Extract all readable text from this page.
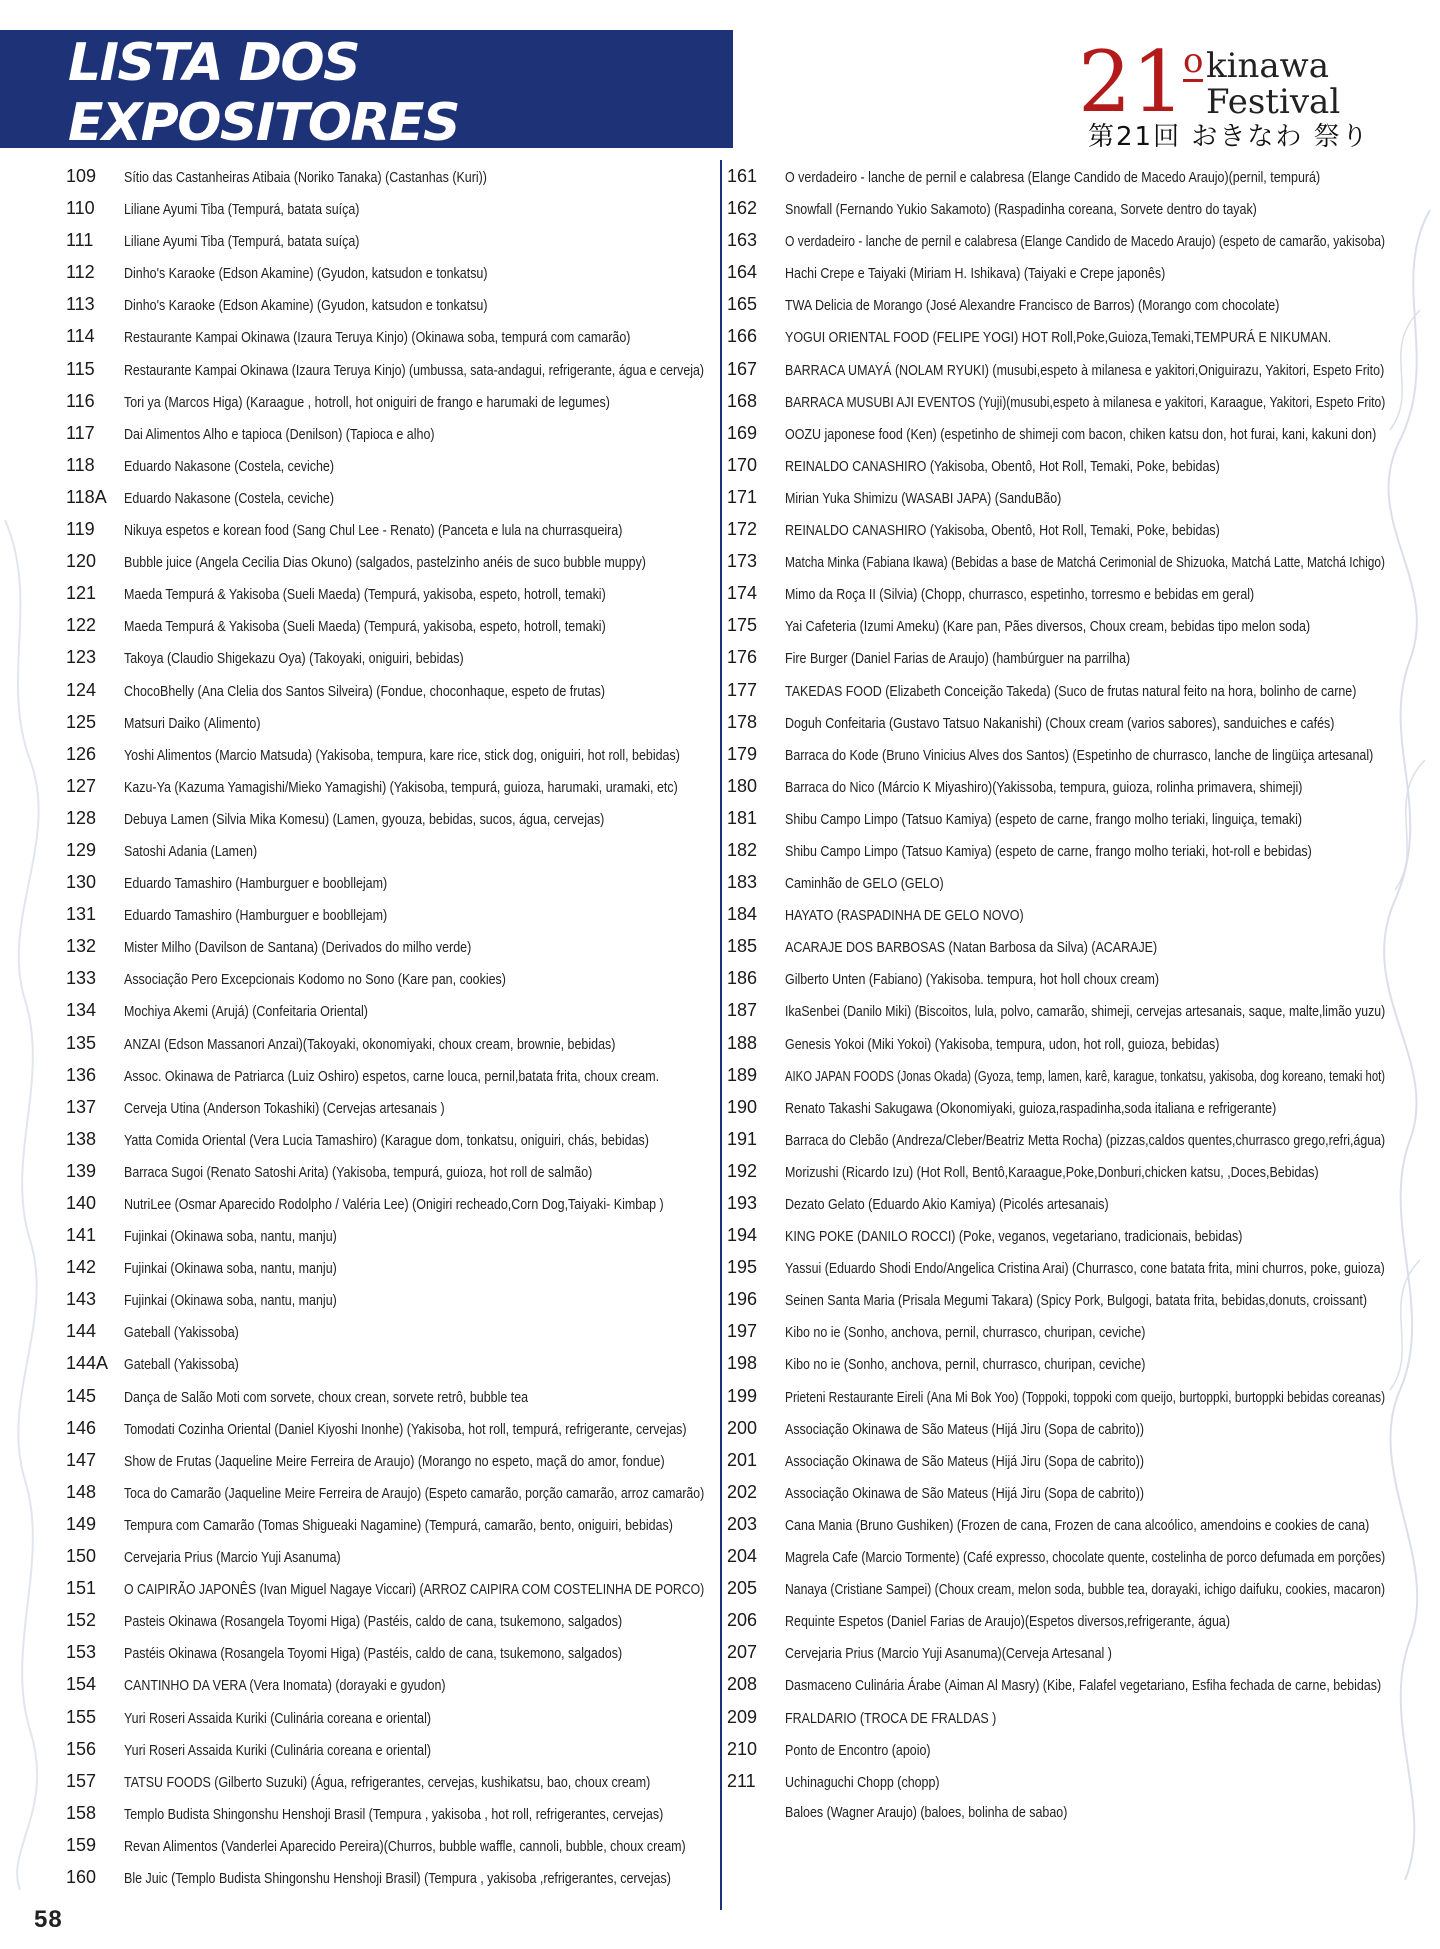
LISTA DOS EXPOSITORES	21
o kinawa
Festival
第21回 おきなわ 祭り
109 Sítio das Castanheiras Atibaia (Noriko Tanaka) (Castanhas (Kuri))
110 Liliane Ayumi Tiba (Tempurá, batata suíça)
111 Liliane Ayumi Tiba (Tempurá, batata suíça)
112 Dinho's Karaoke (Edson Akamine) (Gyudon, katsudon e tonkatsu)
113 Dinho's Karaoke (Edson Akamine) (Gyudon, katsudon e tonkatsu)
114 Restaurante Kampai Okinawa (Izaura Teruya Kinjo) (Okinawa soba, tempurá com camarão)
115 Restaurante Kampai Okinawa (Izaura Teruya Kinjo) (umbussa, sata-andagui, refrigerante, água e cerveja)
116 Tori ya (Marcos Higa) (Karaague , hotroll, hot oniguiri de frango e harumaki de legumes)
117 Dai Alimentos Alho e tapioca (Denilson) (Tapioca e alho)
118 Eduardo Nakasone (Costela, ceviche)
118A Eduardo Nakasone (Costela, ceviche)
119 Nikuya espetos e korean food (Sang Chul Lee - Renato) (Panceta e lula na churrasqueira)
120 Bubble juice (Angela Cecilia Dias Okuno) (salgados, pastelzinho anéis de suco bubble muppy)
121 Maeda Tempurá & Yakisoba (Sueli Maeda) (Tempurá, yakisoba, espeto, hotroll, temaki)
122 Maeda Tempurá & Yakisoba (Sueli Maeda) (Tempurá, yakisoba, espeto, hotroll, temaki)
123 Takoya (Claudio Shigekazu Oya) (Takoyaki, oniguiri, bebidas)
124 ChocoBhelly (Ana Clelia dos Santos Silveira) (Fondue, choconhaque, espeto de frutas)
125 Matsuri Daiko (Alimento)
126 Yoshi Alimentos (Marcio Matsuda) (Yakisoba, tempura, kare rice, stick dog, oniguiri, hot roll, bebidas)
127 Kazu-Ya (Kazuma Yamagishi/Mieko Yamagishi) (Yakisoba, tempurá, guioza, harumaki, uramaki, etc)
128 Debuya Lamen (Silvia Mika Komesu) (Lamen, gyouza, bebidas, sucos, água, cervejas)
129 Satoshi Adania (Lamen)
130 Eduardo Tamashiro (Hamburguer e boobllejam)
131 Eduardo Tamashiro (Hamburguer e boobllejam)
132 Mister Milho (Davilson de Santana) (Derivados do milho verde)
133 Associação Pero Excepcionais Kodomo no Sono (Kare pan, cookies)
134 Mochiya Akemi (Arujá) (Confeitaria Oriental)
135 ANZAI (Edson Massanori Anzai)(Takoyaki, okonomiyaki, choux cream, brownie, bebidas)
136 Assoc. Okinawa de Patriarca (Luiz Oshiro) espetos, carne louca, pernil,batata frita, choux cream.
137 Cerveja Utina (Anderson Tokashiki) (Cervejas artesanais )
138 Yatta Comida Oriental (Vera Lucia Tamashiro) (Karague dom, tonkatsu, oniguiri, chás, bebidas)
139 Barraca Sugoi (Renato Satoshi Arita) (Yakisoba, tempurá, guioza, hot roll de salmão)
140 NutriLee (Osmar Aparecido Rodolpho / Valéria Lee) (Onigiri recheado,Corn Dog,Taiyaki- Kimbap )
141 Fujinkai (Okinawa soba, nantu, manju)
142 Fujinkai (Okinawa soba, nantu, manju)
143 Fujinkai (Okinawa soba, nantu, manju)
144 Gateball (Yakissoba)
144A Gateball (Yakissoba)
145 Dança de Salão Moti com sorvete, choux crean, sorvete retrô, bubble tea
146 Tomodati Cozinha Oriental (Daniel Kiyoshi Inonhe) (Yakisoba, hot roll, tempurá, refrigerante, cervejas)
147 Show de Frutas (Jaqueline Meire Ferreira de Araujo) (Morango no espeto, maçã do amor, fondue)
148 Toca do Camarão (Jaqueline Meire Ferreira de Araujo) (Espeto camarão, porção camarão, arroz camarão)
149 Tempura com Camarão (Tomas Shigueaki Nagamine) (Tempurá, camarão, bento, oniguiri, bebidas)
150 Cervejaria Prius (Marcio Yuji Asanuma)
151 O CAIPIRÃO JAPONÊS (Ivan Miguel Nagaye Viccari) (ARROZ CAIPIRA COM COSTELINHA DE PORCO)
152 Pasteis Okinawa (Rosangela Toyomi Higa) (Pastéis, caldo de cana, tsukemono, salgados)
153 Pastéis Okinawa (Rosangela Toyomi Higa) (Pastéis, caldo de cana, tsukemono, salgados)
154 CANTINHO DA VERA (Vera Inomata) (dorayaki e gyudon)
155 Yuri Roseri Assaida Kuriki (Culinária coreana e oriental)
156 Yuri Roseri Assaida Kuriki (Culinária coreana e oriental)
157 TATSU FOODS (Gilberto Suzuki) (Água, refrigerantes, cervejas, kushikatsu, bao, choux cream)
158 Templo Budista Shingonshu Henshoji Brasil (Tempura , yakisoba , hot roll, refrigerantes, cervejas)
159 Revan Alimentos (Vanderlei Aparecido Pereira)(Churros, bubble waffle, cannoli, bubble, choux cream)
160 Ble Juic (Templo Budista Shingonshu Henshoji Brasil) (Tempura , yakisoba ,refrigerantes, cervejas)
161 O verdadeiro - lanche de pernil e calabresa (Elange Candido de Macedo Araujo)(pernil, tempurá)
162 Snowfall (Fernando Yukio Sakamoto) (Raspadinha coreana, Sorvete dentro do tayak)
163 O verdadeiro - lanche de pernil e calabresa (Elange Candido de Macedo Araujo) (espeto de camarão, yakisoba)
164 Hachi Crepe e Taiyaki (Miriam H. Ishikava) (Taiyaki e Crepe japonês)
165 TWA Delicia de Morango (José Alexandre Francisco de Barros) (Morango com chocolate)
166 YOGUI ORIENTAL FOOD (FELIPE YOGI) HOT Roll,Poke,Guioza,Temaki,TEMPURÁ E NIKUMAN.
167 BARRACA UMAYÁ (NOLAM RYUKI) (musubi,espeto à milanesa e yakitori,Oniguirazu, Yakitori, Espeto Frito)
168 BARRACA MUSUBI AJI EVENTOS (Yuji)(musubi,espeto à milanesa e yakitori, Karaague, Yakitori, Espeto Frito)
169 OOZU japonese food (Ken) (espetinho de shimeji com bacon, chiken katsu don, hot furai, kani, kakuni don)
170 REINALDO CANASHIRO (Yakisoba, Obentô, Hot Roll, Temaki, Poke, bebidas)
171 Mirian Yuka Shimizu (WASABI JAPA) (SanduBão)
172 REINALDO CANASHIRO (Yakisoba, Obentô, Hot Roll, Temaki, Poke, bebidas)
173 Matcha Minka (Fabiana Ikawa) (Bebidas a base de Matchá Cerimonial de Shizuoka, Matchá Latte, Matchá Ichigo)
174 Mimo da Roça II (Silvia) (Chopp, churrasco, espetinho, torresmo e bebidas em geral)
175 Yai Cafeteria (Izumi Ameku) (Kare pan, Pães diversos, Choux cream, bebidas tipo melon soda)
176 Fire Burger (Daniel Farias de Araujo) (hambúrguer na parrilha)
177 TAKEDAS FOOD (Elizabeth Conceição Takeda) (Suco de frutas natural feito na hora, bolinho de carne)
178 Doguh Confeitaria (Gustavo Tatsuo Nakanishi) (Choux cream (varios sabores), sanduiches e cafés)
179 Barraca do Kode (Bruno Vinicius Alves dos Santos) (Espetinho de churrasco, lanche de lingüiça artesanal)
180 Barraca do Nico (Márcio K Miyashiro)(Yakissoba, tempura, guioza, rolinha primavera, shimeji)
181 Shibu Campo Limpo (Tatsuo Kamiya) (espeto de carne, frango molho teriaki, linguiça, temaki)
182 Shibu Campo Limpo (Tatsuo Kamiya) (espeto de carne, frango molho teriaki, hot-roll e bebidas)
183 Caminhão de GELO (GELO)
184 HAYATO (RASPADINHA DE GELO NOVO)
185 ACARAJE DOS BARBOSAS (Natan Barbosa da Silva) (ACARAJE)
186 Gilberto Unten (Fabiano) (Yakisoba. tempura, hot holl choux cream)
187 IkaSenbei (Danilo Miki) (Biscoitos, lula, polvo, camarão, shimeji, cervejas artesanais, saque, malte,limão yuzu)
188 Genesis Yokoi (Miki Yokoi) (Yakisoba, tempura, udon, hot roll, guioza, bebidas)
189 AIKO JAPAN FOODS (Jonas Okada) (Gyoza, temp, lamen, karê, karague, tonkatsu, yakisoba, dog koreano, temaki hot)
190 Renato Takashi Sakugawa (Okonomiyaki, guioza,raspadinha,soda italiana e refrigerante)
191 Barraca do Clebão (Andreza/Cleber/Beatriz Metta Rocha) (pizzas,caldos quentes,churrasco grego,refri,água)
192 Morizushi (Ricardo Izu) (Hot Roll, Bentô,Karaague,Poke,Donburi,chicken katsu, ,Doces,Bebidas)
193 Dezato Gelato (Eduardo Akio Kamiya) (Picolés artesanais)
194 KING POKE (DANILO ROCCI) (Poke, veganos, vegetariano, tradicionais, bebidas)
195 Yassui (Eduardo Shodi Endo/Angelica Cristina Arai) (Churrasco, cone batata frita, mini churros, poke, guioza)
196 Seinen Santa Maria (Prisala Megumi Takara) (Spicy Pork, Bulgogi, batata frita, bebidas,donuts, croissant)
197 Kibo no ie (Sonho, anchova, pernil, churrasco, churipan, ceviche)
198 Kibo no ie (Sonho, anchova, pernil, churrasco, churipan, ceviche)
199 Prieteni Restaurante Eireli (Ana Mi Bok Yoo) (Toppoki, toppoki com queijo, burtoppki, burtoppki bebidas coreanas)
200 Associação Okinawa de São Mateus (Hijá Jiru (Sopa de cabrito))
201 Associação Okinawa de São Mateus (Hijá Jiru (Sopa de cabrito))
202 Associação Okinawa de São Mateus (Hijá Jiru (Sopa de cabrito))
203 Cana Mania (Bruno Gushiken) (Frozen de cana, Frozen de cana alcoólico, amendoins e cookies de cana)
204 Magrela Cafe (Marcio Tormente) (Café expresso, chocolate quente, costelinha de porco defumada em porções)
205 Nanaya (Cristiane Sampei) (Choux cream, melon soda, bubble tea, dorayaki, ichigo daifuku, cookies, macaron)
206 Requinte Espetos (Daniel Farias de Araujo)(Espetos diversos,refrigerante, água)
207 Cervejaria Prius (Marcio Yuji Asanuma)(Cerveja Artesanal )
208 Dasmaceno Culinária Árabe (Aiman Al Masry) (Kibe, Falafel vegetariano, Esfiha fechada de carne, bebidas)
209 FRALDARIO (TROCA DE FRALDAS )
210 Ponto de Encontro (apoio)
211 Uchinaguchi Chopp (chopp)
Baloes (Wagner Araujo) (baloes, bolinha de sabao)
58
